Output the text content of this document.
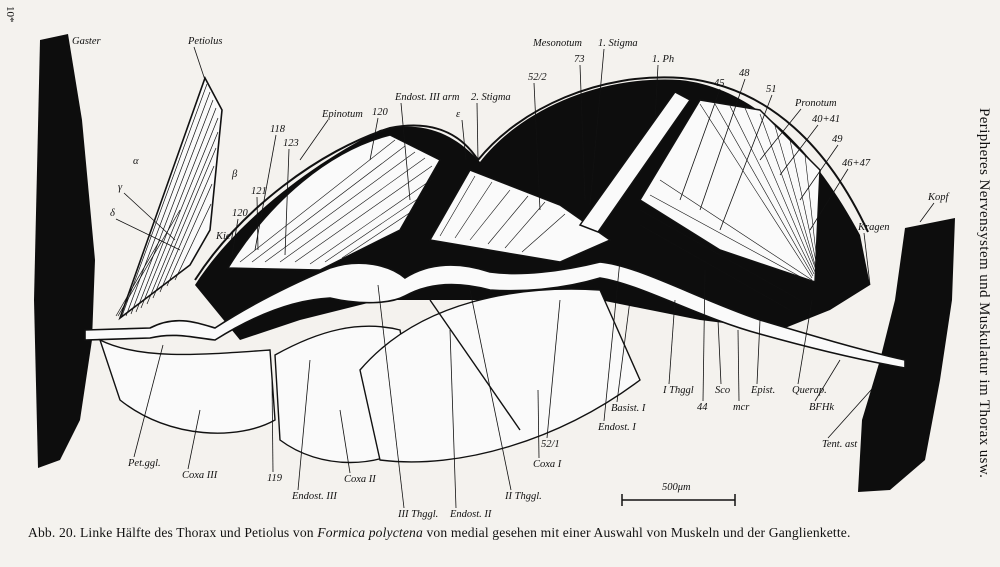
500μm
Gaster	Petiolus
Epinotum 120
Endost. III arm
ε
2. Stigma
52/2
73
1. Stigma
Mesonotum
1. Ph
45
48
51
Pronotum
40+41
49
46+47
Kopf
Kragen
α
β
γ
δ
118
123
121
120
Kiel
Pet.ggl.
Coxa III	119
Endost. III
Coxa II
III Thggl. Endost. II
II Thggl.
Coxa I
52/1
Endost. I
Basist. I
I Thggl
44
Sco
mcr
Epist. Querap.
BFHk
Tent. ast
10*
Peripheres Nervensystem und Muskulatur im Thorax usw.
Abb. 20. Linke Hälfte des Thorax und Petiolus von Formica polyctena von medial gesehen mit einer Auswahl von Muskeln und der Ganglienkette.
